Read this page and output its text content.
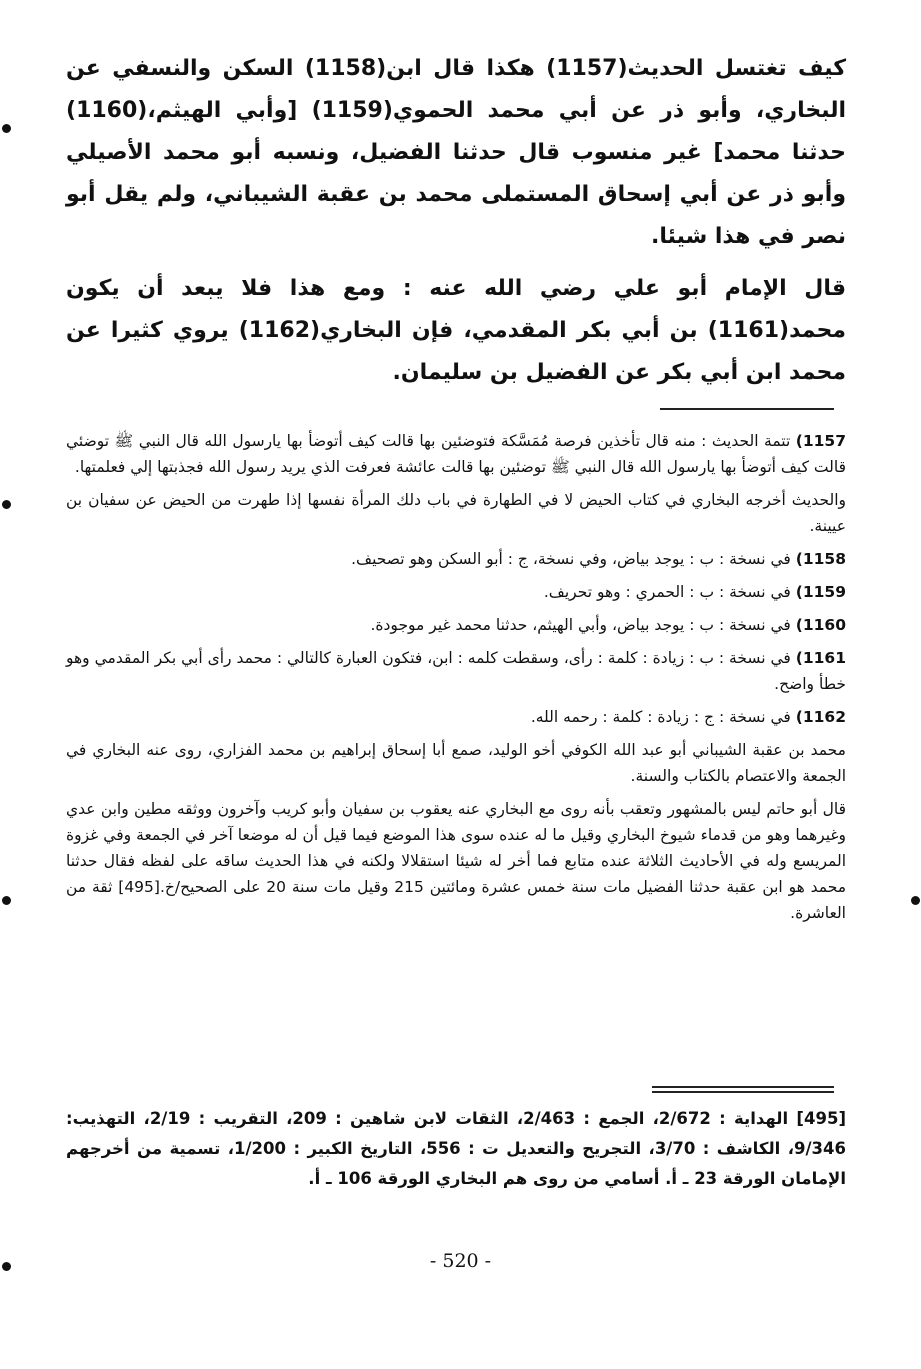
كيف تغتسل الحديث(1157) هكذا قال ابن(1158) السكن والنسفي عن البخاري، وأبو ذر عن أبي محمد الحموي(1159) [وأبي الهيثم،(1160) حدثنا محمد] غير منسوب قال حدثنا الفضيل، ونسبه أبو محمد الأصيلي وأبو ذر عن أبي إسحاق المستملى محمد بن عقبة الشيباني، ولم يقل أبو نصر في هذا شيئا.

قال الإمام أبو علي رضي الله عنه : ومع هذا فلا يبعد أن يكون محمد(1161) بن أبي بكر المقدمي، فإن البخاري(1162) يروي كثيرا عن محمد ابن أبي بكر عن الفضيل بن سليمان.

1157) تتمة الحديث : منه قال تأخذين فرصة مُمَسَّكة فتوضئين بها قالت كيف أتوضأ بها يارسول الله قال النبي ﷺ توضئي قالت كيف أتوضأ بها يارسول الله قال النبي ﷺ توضئين بها قالت عائشة فعرفت الذي يريد رسول الله فجذبتها إلي فعلمتها.

والحديث أخرجه البخاري في كتاب الحيض لا في الطهارة في باب دلك المرأة نفسها إذا طهرت من الحيض عن سفيان بن عيينة.

1158) في نسخة : ب : يوجد بياض، وفي نسخة، ج : أبو السكن وهو تصحيف.

1159) في نسخة : ب : الحمري : وهو تحريف.

1160) في نسخة : ب : يوجد بياض، وأبي الهيثم، حدثنا محمد غير موجودة.

1161) في نسخة : ب : زيادة : كلمة : رأى، وسقطت كلمه : ابن، فتكون العبارة كالتالي : محمد رأى أبي بكر المقدمي وهو خطأ واضح.

1162) في نسخة : ج : زيادة : كلمة : رحمه الله.

محمد بن عقبة الشيباني أبو عبد الله الكوفي أخو الوليد، صمع أبا إسحاق إبراهيم بن محمد الفزاري، روى عنه البخاري في الجمعة والاعتصام بالكتاب والسنة.

قال أبو حاتم ليس بالمشهور وتعقب بأنه روى مع البخاري عنه يعقوب بن سفيان وأبو كريب وآخرون ووثقه مطين وابن عدي وغيرهما وهو من قدماء شيوخ البخاري وقيل ما له عنده سوى هذا الموضع فيما قيل أن له موضعا آخر في الجمعة وفي غزوة المريسع وله في الأحاديث الثلاثة عنده متابع فما أخر له شيئا استقلالا ولكنه في هذا الحديث ساقه على لفظه فقال حدثنا محمد هو ابن عقبة حدثنا الفضيل مات سنة خمس عشرة ومائتين 215 وقيل مات سنة 20 على الصحيح/خ.[495] ثقة من العاشرة.

[495] الهداية : 2/672، الجمع : 2/463، الثقات لابن شاهين : 209، التقريب : 2/19، التهذيب: 9/346، الكاشف : 3/70، التجريح والتعديل ت : 556، التاريخ الكبير : 1/200، تسمية من أخرجهم الإمامان الورقة 23 ـ أ. أسامي من روى هم البخاري الورقة 106 ـ أ.
- 520 -
